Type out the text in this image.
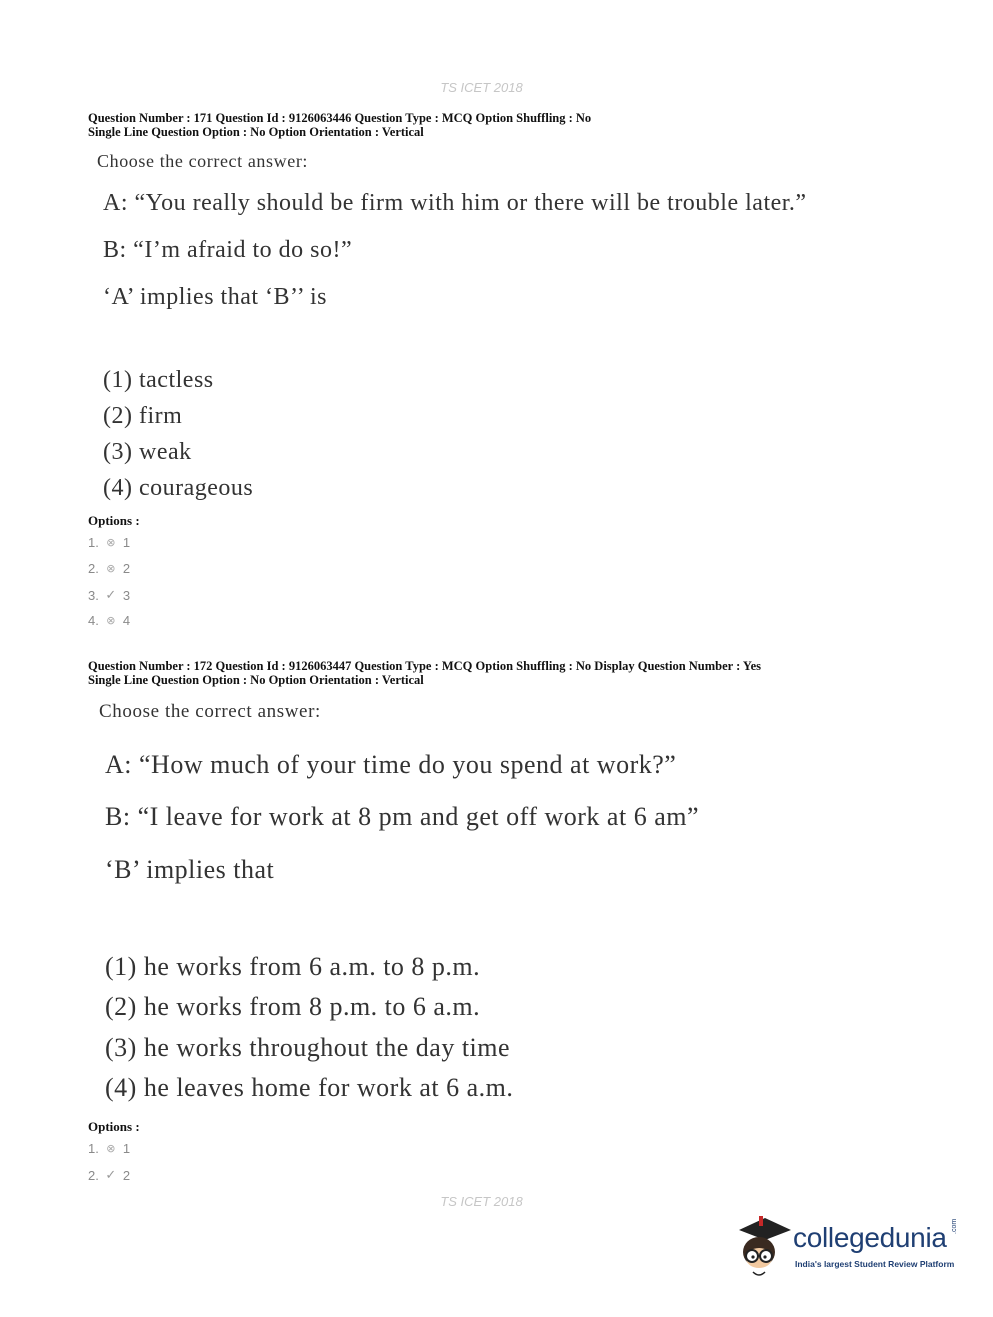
TS ICET 2018
TS ICET 2018
Question Number : 171 Question Id : 9126063446 Question Type : MCQ Option Shuffling : No
Single Line Question Option : No Option Orientation : Vertical
Choose the correct answer:
A: “You really should be firm with him or there will be trouble later.”
B: “I’m afraid to do so!”
‘A’ implies that ‘B’’ is
(1) tactless
(2) firm
(3) weak
(4) courageous
Options :
1. ⊗ 1
2. ⊗ 2
3. ✓ 3
4. ⊗ 4
Question Number : 172 Question Id : 9126063447 Question Type : MCQ Option Shuffling : No Display Question Number : Yes
Single Line Question Option : No Option Orientation : Vertical
Choose the correct answer:
A: “How much of your time do you spend at work?”
B: “I leave for work at 8 pm and get off work at 6 am”
‘B’ implies that
(1) he works from 6 a.m. to 8 p.m.
(2) he works from 8 p.m. to 6 a.m.
(3) he works throughout the day time
(4) he leaves home for work at 6 a.m.
Options :
1. ⊗ 1
2. ✓ 2
collegedunia .com
India's largest Student Review Platform
